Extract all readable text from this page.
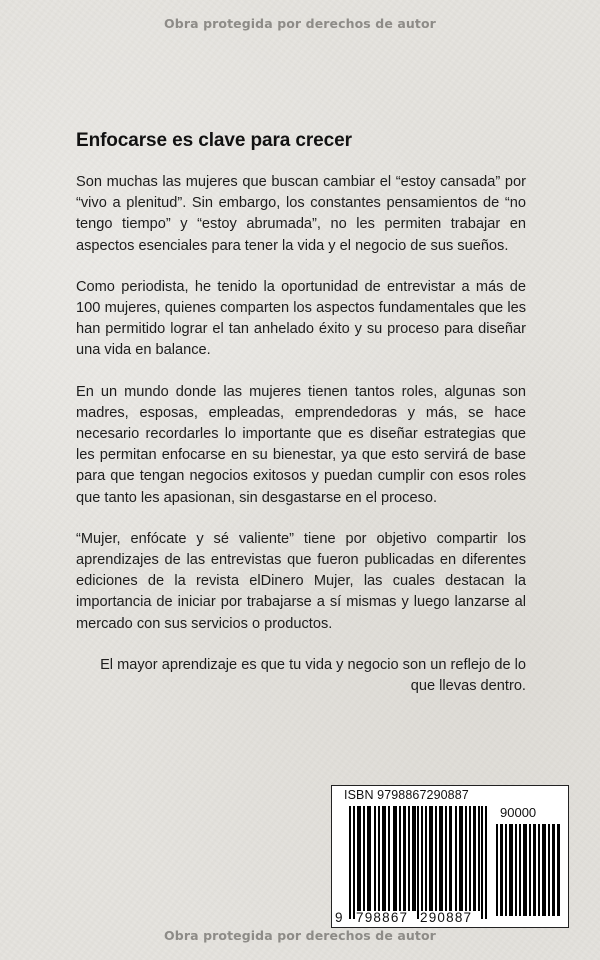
Obra protegida por derechos de autor
Enfocarse es clave para crecer

Son muchas las mujeres que buscan cambiar el “estoy cansada” por “vivo a plenitud”. Sin embargo, los constantes pensamientos de “no tengo tiempo” y “estoy abrumada”, no les permiten trabajar en aspectos esenciales para tener la vida y el negocio de sus sueños.

Como periodista, he tenido la oportunidad de entrevistar a más de 100 mujeres, quienes comparten los aspectos fundamentales que les han permitido lograr el tan anhelado éxito y su proceso para diseñar una vida en balance.

En un mundo donde las mujeres tienen tantos roles, algunas son madres, esposas, empleadas, emprendedoras y más, se hace necesario recordarles lo importante que es diseñar estrategias que les permitan enfocarse en su bienestar, ya que esto servirá de base para que tengan negocios exitosos y puedan cumplir con esos roles que tanto les apasionan, sin desgastarse en el proceso.

“Mujer, enfócate y sé valiente” tiene por objetivo compartir los aprendizajes de las entrevistas que fueron publicadas en diferentes ediciones de la revista elDinero Mujer, las cuales destacan la importancia de iniciar por trabajarse a sí mismas y luego lanzarse al mercado con sus servicios o productos.

El mayor aprendizaje es que tu vida y negocio son un reflejo de lo que llevas dentro.

ISBN 9798867290887
90000
9 798867 290887
Obra protegida por derechos de autor
